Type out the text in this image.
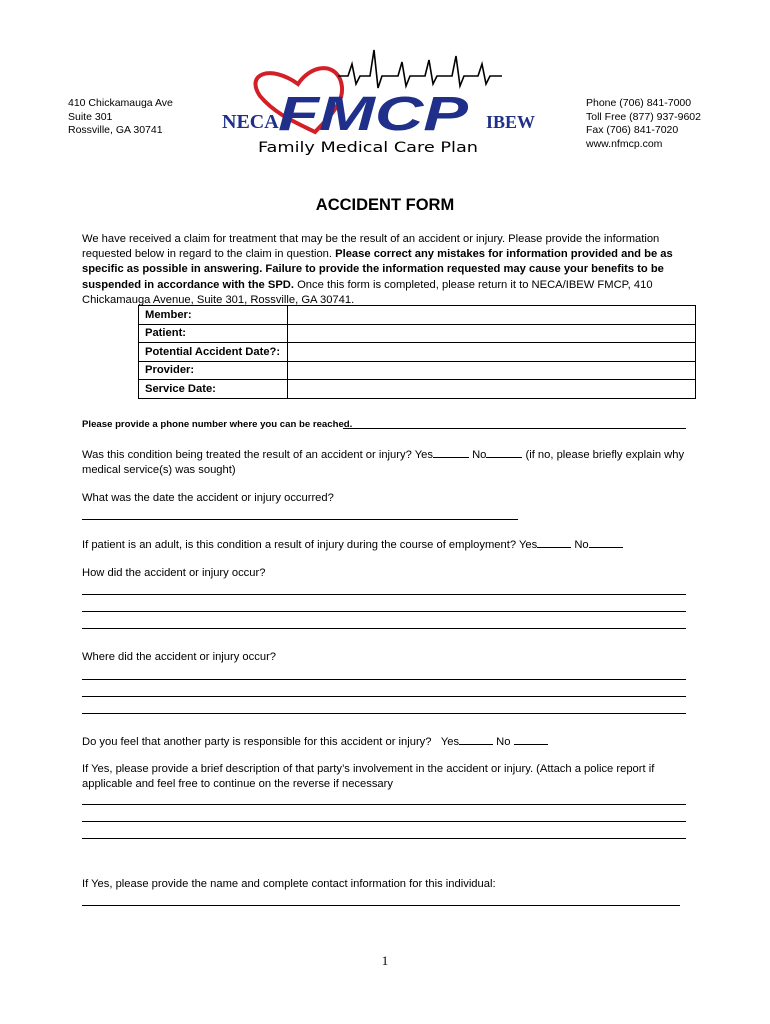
410 Chickamauga Ave
Suite 301
Rossville, GA 30741	NECA FMCP IBEW
Family Medical Care Plan
Phone (706) 841-7000
Toll Free (877) 937-9602
Fax (706) 841-7020
www.nfmcp.com
ACCIDENT FORM
We have received a claim for treatment that may be the result of an accident or injury. Please provide the information requested below in regard to the claim in question. Please correct any mistakes for information provided and be as specific as possible in answering. Failure to provide the information requested may cause your benefits to be suspended in accordance with the SPD. Once this form is completed, please return it to NECA/IBEW FMCP, 410 Chickamauga Avenue, Suite 301, Rossville, GA 30741.
Member:	
Patient:	
Potential Accident Date?:	
Provider:	
Service Date:	
Please provide a phone number where you can be reached.
Was this condition being treated the result of an accident or injury? Yes	No	(if no, please briefly explain why medical service(s) was sought)
What was the date the accident or injury occurred?
If patient is an adult, is this condition a result of injury during the course of employment? Yes	No
How did the accident or injury occur?
Where did the accident or injury occur?
Do you feel that another party is responsible for this accident or injury? Yes	No
If Yes, please provide a brief description of that party’s involvement in the accident or injury. (Attach a police report if applicable and feel free to continue on the reverse if necessary
If Yes, please provide the name and complete contact information for this individual:
1
